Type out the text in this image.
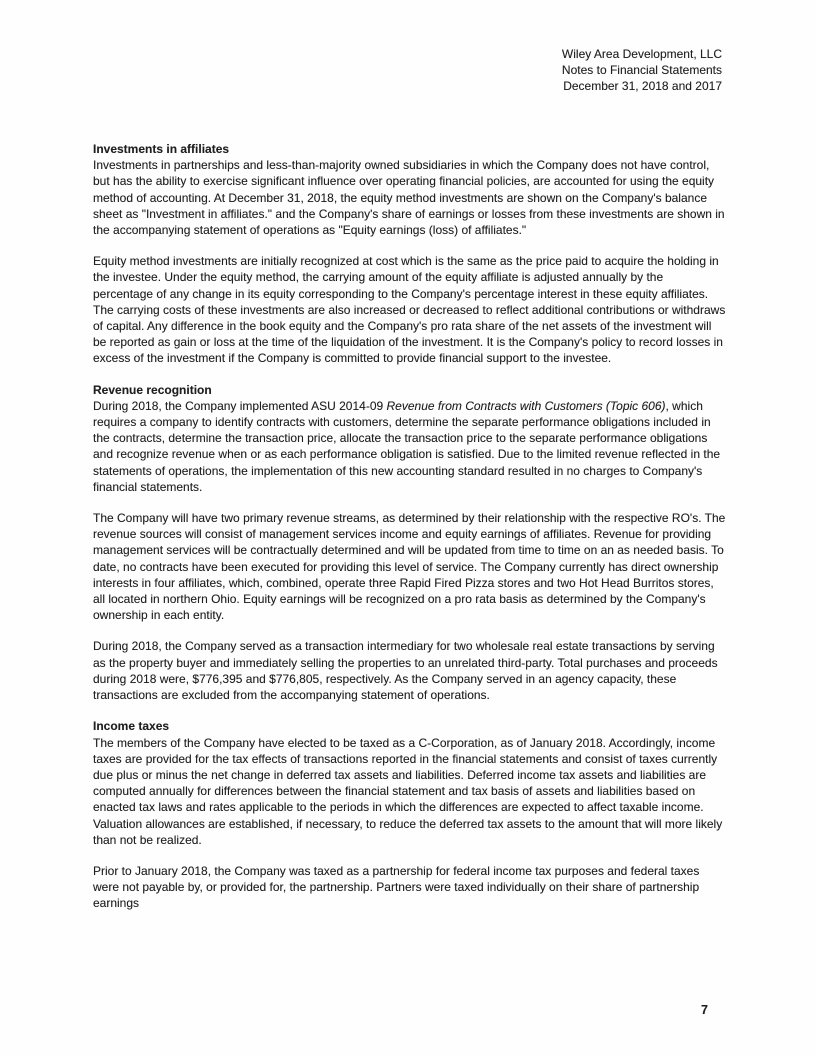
Wiley Area Development, LLC
Notes to Financial Statements
December 31, 2018 and 2017
Investments in affiliates

Investments in partnerships and less-than-majority owned subsidiaries in which the Company does not have control, but has the ability to exercise significant influence over operating financial policies, are accounted for using the equity method of accounting. At December 31, 2018, the equity method investments are shown on the Company's balance sheet as "Investment in affiliates." and the Company's share of earnings or losses from these investments are shown in the accompanying statement of operations as "Equity earnings (loss) of affiliates."

Equity method investments are initially recognized at cost which is the same as the price paid to acquire the holding in the investee. Under the equity method, the carrying amount of the equity affiliate is adjusted annually by the percentage of any change in its equity corresponding to the Company's percentage interest in these equity affiliates. The carrying costs of these investments are also increased or decreased to reflect additional contributions or withdraws of capital. Any difference in the book equity and the Company's pro rata share of the net assets of the investment will be reported as gain or loss at the time of the liquidation of the investment. It is the Company's policy to record losses in excess of the investment if the Company is committed to provide financial support to the investee.

Revenue recognition

During 2018, the Company implemented ASU 2014-09 Revenue from Contracts with Customers (Topic 606), which requires a company to identify contracts with customers, determine the separate performance obligations included in the contracts, determine the transaction price, allocate the transaction price to the separate performance obligations and recognize revenue when or as each performance obligation is satisfied. Due to the limited revenue reflected in the statements of operations, the implementation of this new accounting standard resulted in no charges to Company's financial statements.

The Company will have two primary revenue streams, as determined by their relationship with the respective RO's. The revenue sources will consist of management services income and equity earnings of affiliates. Revenue for providing management services will be contractually determined and will be updated from time to time on an as needed basis. To date, no contracts have been executed for providing this level of service. The Company currently has direct ownership interests in four affiliates, which, combined, operate three Rapid Fired Pizza stores and two Hot Head Burritos stores, all located in northern Ohio. Equity earnings will be recognized on a pro rata basis as determined by the Company's ownership in each entity.

During 2018, the Company served as a transaction intermediary for two wholesale real estate transactions by serving as the property buyer and immediately selling the properties to an unrelated third-party. Total purchases and proceeds during 2018 were, $776,395 and $776,805, respectively. As the Company served in an agency capacity, these transactions are excluded from the accompanying statement of operations.

Income taxes

The members of the Company have elected to be taxed as a C-Corporation, as of January 2018. Accordingly, income taxes are provided for the tax effects of transactions reported in the financial statements and consist of taxes currently due plus or minus the net change in deferred tax assets and liabilities. Deferred income tax assets and liabilities are computed annually for differences between the financial statement and tax basis of assets and liabilities based on enacted tax laws and rates applicable to the periods in which the differences are expected to affect taxable income. Valuation allowances are established, if necessary, to reduce the deferred tax assets to the amount that will more likely than not be realized.

Prior to January 2018, the Company was taxed as a partnership for federal income tax purposes and federal taxes were not payable by, or provided for, the partnership. Partners were taxed individually on their share of partnership earnings

7
